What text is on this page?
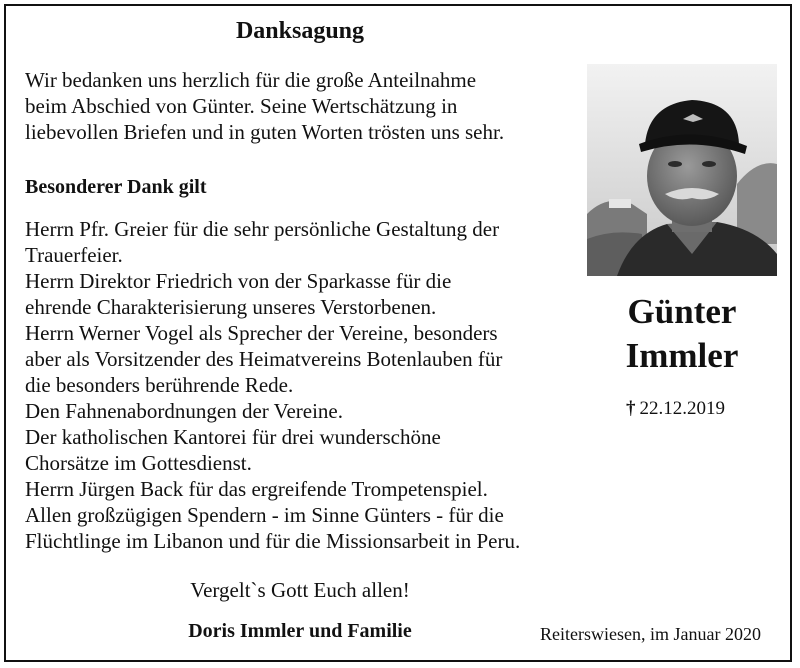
Danksagung
Wir bedanken uns herzlich für die große Anteilnahme
beim Abschied von Günter. Seine Wertschätzung in
liebevollen Briefen und in guten Worten trösten uns sehr.
Besonderer Dank gilt
Herrn Pfr. Greier für die sehr persönliche Gestaltung der
Trauerfeier.
Herrn Direktor Friedrich von der Sparkasse für die
ehrende Charakterisierung unseres Verstorbenen.
Herrn Werner Vogel als Sprecher der Vereine, besonders
aber als Vorsitzender des Heimatvereins Botenlauben für
die besonders berührende Rede.
Den Fahnenabordnungen der Vereine.
Der katholischen Kantorei für drei wunderschöne
Chorsätze im Gottesdienst.
Herrn Jürgen Back für das ergreifende Trompetenspiel.
Allen großzügigen Spendern - im Sinne Günters - für die
Flüchtlinge im Libanon und für die Missionsarbeit in Peru.
Vergelt`s Gott Euch allen!
Doris Immler und Familie	Reiterswiesen, im Januar 2020
Günter
Immler
† 22.12.2019
